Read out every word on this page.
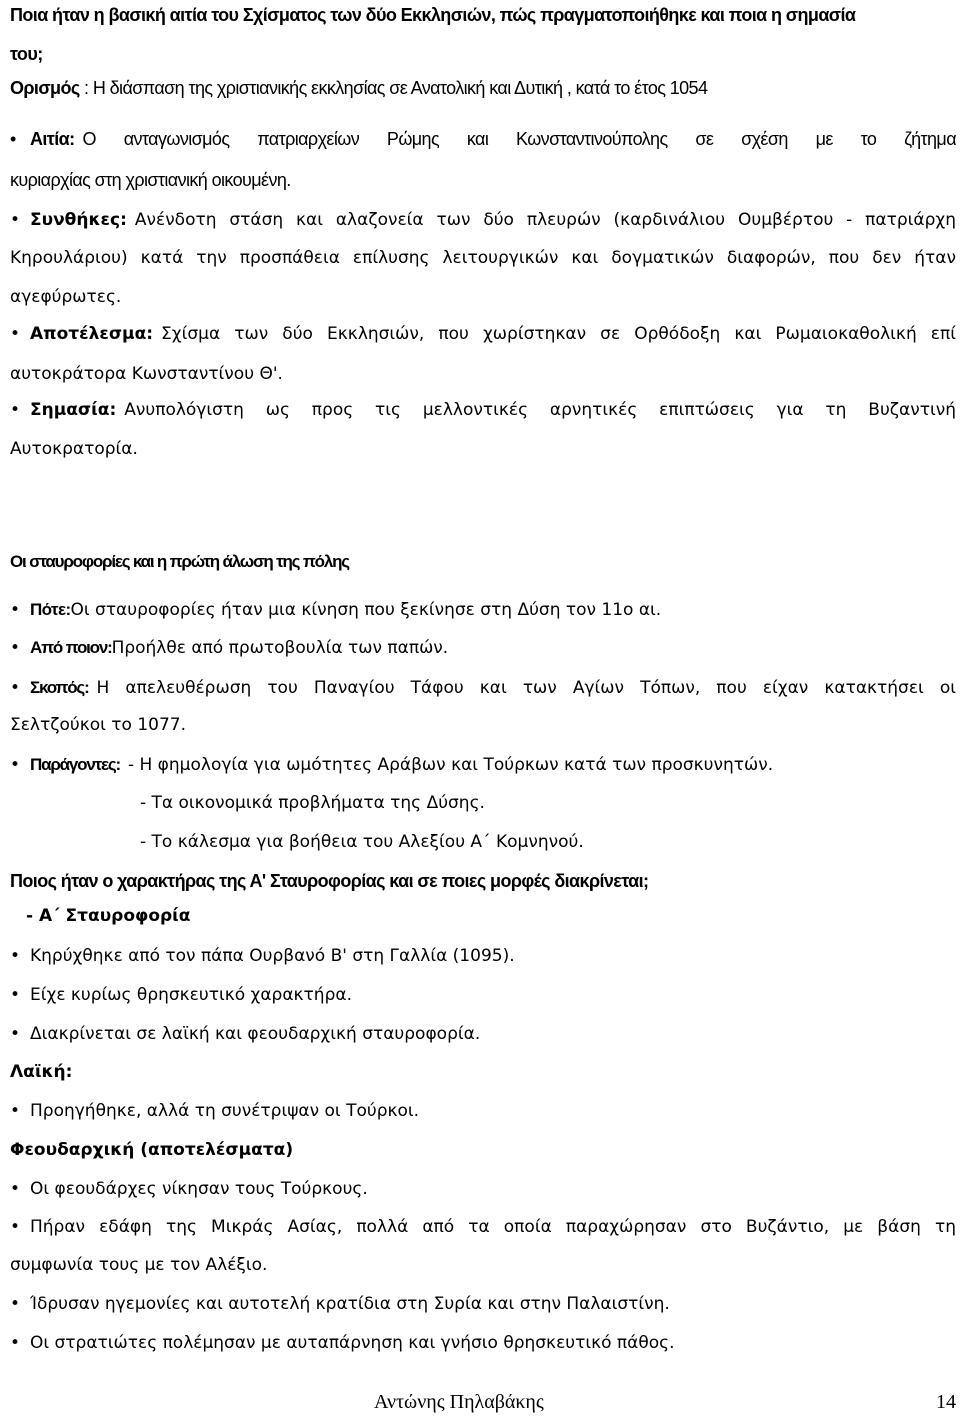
Ποια ήταν η βασική αιτία του Σχίσματος των δύο Εκκλησιών, πώς πραγματοποιήθηκε και ποια η σημασία
του;
Ορισμός : Η διάσπαση της χριστιανικής εκκλησίας σε Ανατολική και Δυτική , κατά το έτος 1054
• Αιτία: Ο ανταγωνισμός πατριαρχείων Ρώμης και Κωνσταντινούπολης σε σχέση με το ζήτημα
κυριαρχίας στη χριστιανική οικουμένη.
• Συνθήκες: Ανένδοτη στάση και αλαζονεία των δύο πλευρών (καρδινάλιου Ουμβέρτου - πατριάρχη
Κηρουλάριου) κατά την προσπάθεια επίλυσης λειτουργικών και δογματικών διαφορών, που δεν ήταν
αγεφύρωτες.
• Αποτέλεσμα: Σχίσμα των δύο Εκκλησιών, που χωρίστηκαν σε Ορθόδοξη και Ρωμαιοκαθολική επί
αυτοκράτορα Κωνσταντίνου Θ'.
• Σημασία: Ανυπολόγιστη ως προς τις μελλοντικές αρνητικές επιπτώσεις για τη Βυζαντινή
Αυτοκρατορία.
Οι σταυροφορίες και η πρώτη άλωση της πόλης
• Πότε:Οι σταυροφορίες ήταν μια κίνηση που ξεκίνησε στη Δύση τον 11ο αι.
• Από ποιον:Προήλθε από πρωτοβουλία των παπών.
• Σκοπός: Η απελευθέρωση του Παναγίου Τάφου και των Αγίων Τόπων, που είχαν κατακτήσει οι
Σελτζούκοι το 1077.
• Παράγοντες: - Η φημολογία για ωμότητες Αράβων και Τούρκων κατά των προσκυνητών.
- Τα οικονομικά προβλήματα της Δύσης.
- Το κάλεσμα για βοήθεια του Αλεξίου Α΄ Κομνηνού.
Ποιος ήταν ο χαρακτήρας της Α' Σταυροφορίας και σε ποιες μορφές διακρίνεται;
- Α΄ Σταυροφορία
• Κηρύχθηκε από τον πάπα Ουρβανό Β' στη Γαλλία (1095).
• Είχε κυρίως θρησκευτικό χαρακτήρα.
• Διακρίνεται σε λαϊκή και φεουδαρχική σταυροφορία.
Λαϊκή:
• Προηγήθηκε, αλλά τη συνέτριψαν οι Τούρκοι.
Φεουδαρχική (αποτελέσματα)
• Οι φεουδάρχες νίκησαν τους Τούρκους.
• Πήραν εδάφη της Μικράς Ασίας, πολλά από τα οποία παραχώρησαν στο Βυζάντιο, με βάση τη
συμφωνία τους με τον Αλέξιο.
• Ίδρυσαν ηγεμονίες και αυτοτελή κρατίδια στη Συρία και στην Παλαιστίνη.
• Οι στρατιώτες πολέμησαν με αυταπάρνηση και γνήσιο θρησκευτικό πάθος.
Αντώνης Πηλαβάκης	14
